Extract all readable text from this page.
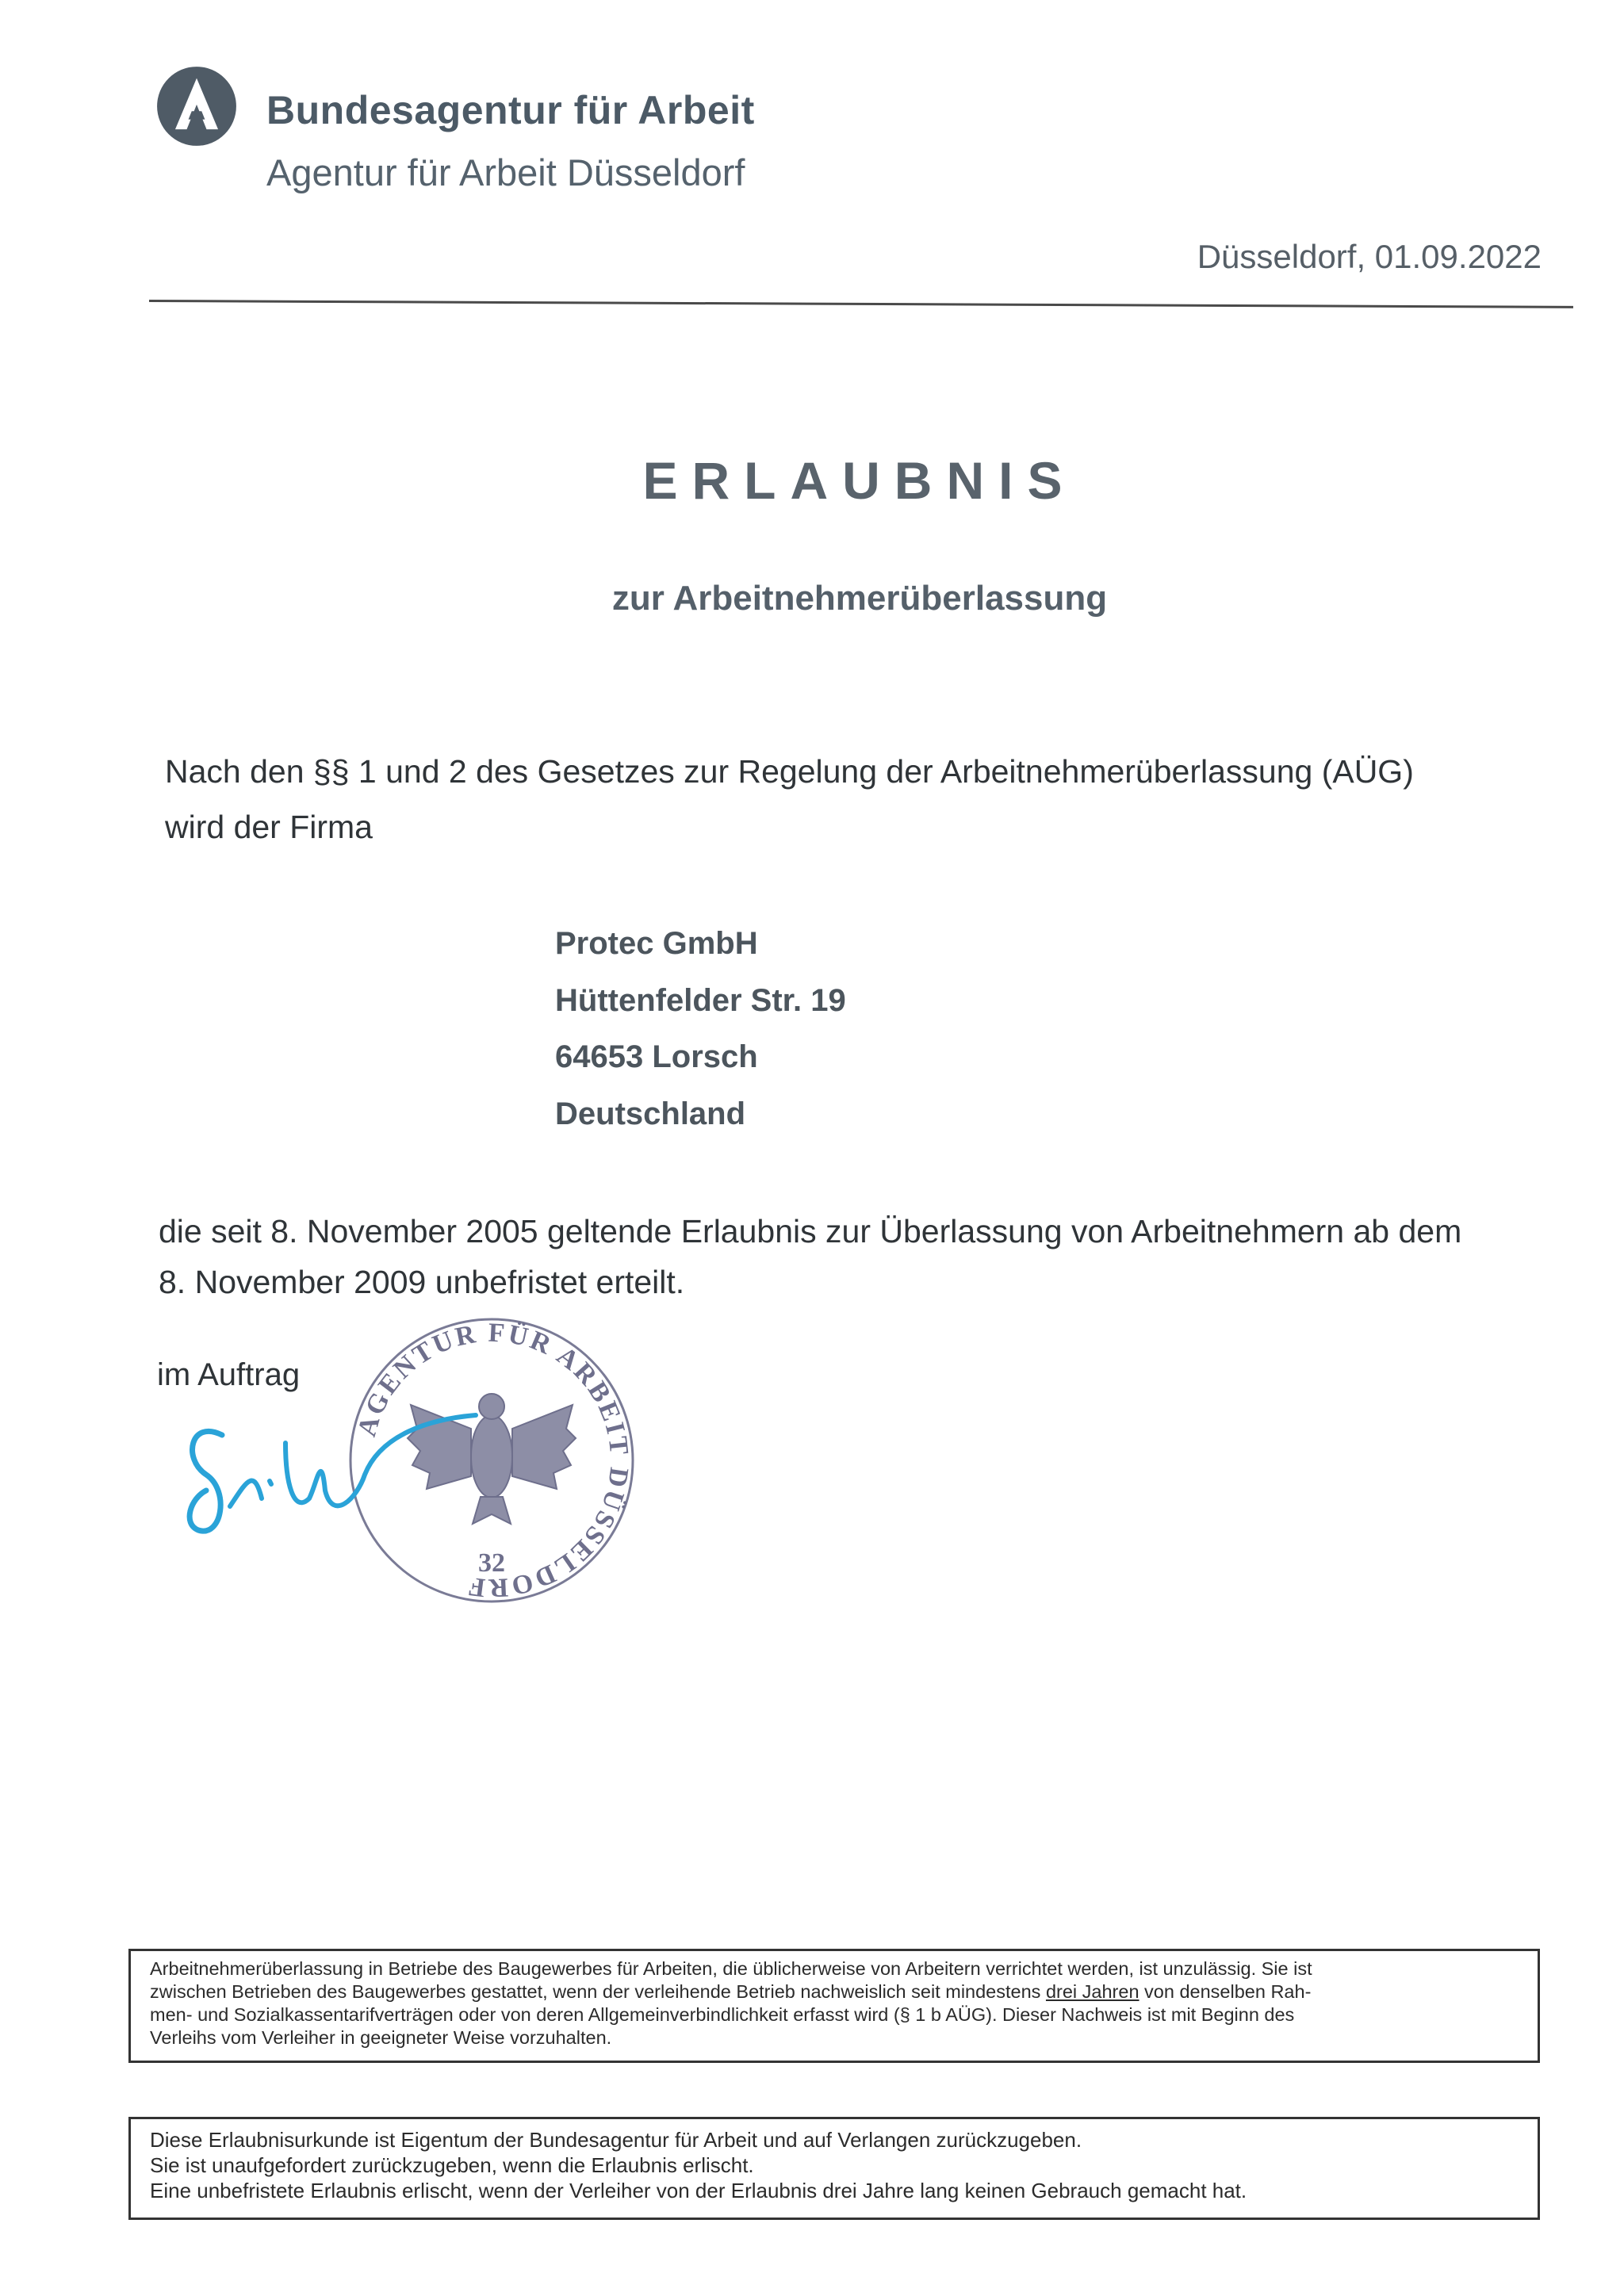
Bundesagentur für Arbeit
Agentur für Arbeit Düsseldorf
Düsseldorf, 01.09.2022
ERLAUBNIS
zur Arbeitnehmerüberlassung
Nach den §§ 1 und 2 des Gesetzes zur Regelung der Arbeitnehmerüberlassung (AÜG)
wird der Firma
Protec GmbH
Hüttenfelder Str. 19
64653 Lorsch
Deutschland
die seit 8. November 2005 geltende Erlaubnis zur Überlassung von Arbeitnehmern ab dem
8. November 2009 unbefristet erteilt.
im Auftrag
AGENTUR FÜR ARBEIT DÜSSELDORF
32
Arbeitnehmerüberlassung in Betriebe des Baugewerbes für Arbeiten, die üblicherweise von Arbeitern verrichtet werden, ist unzulässig. Sie ist
zwischen Betrieben des Baugewerbes gestattet, wenn der verleihende Betrieb nachweislich seit mindestens drei Jahren von denselben Rah-
men- und Sozialkassentarifverträgen oder von deren Allgemeinverbindlichkeit erfasst wird (§ 1 b AÜG). Dieser Nachweis ist mit Beginn des
Verleihs vom Verleiher in geeigneter Weise vorzuhalten.
Diese Erlaubnisurkunde ist Eigentum der Bundesagentur für Arbeit und auf Verlangen zurückzugeben.
Sie ist unaufgefordert zurückzugeben, wenn die Erlaubnis erlischt.
Eine unbefristete Erlaubnis erlischt, wenn der Verleiher von der Erlaubnis drei Jahre lang keinen Gebrauch gemacht hat.
